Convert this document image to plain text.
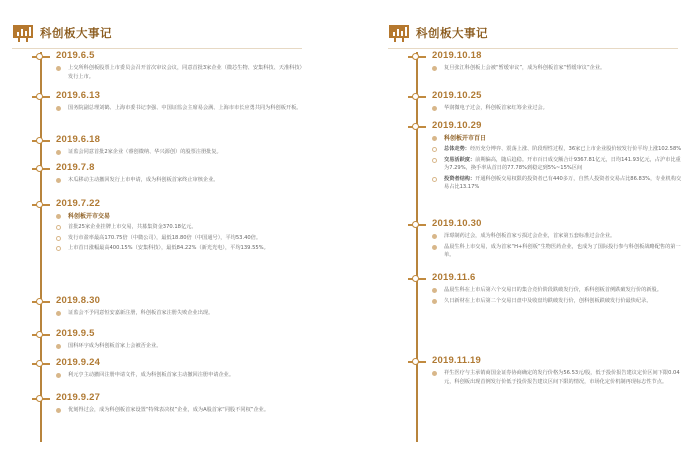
科创板大事记
2019.6.5
上交所科创板股票上市委员会召开首次审议会议，同意首批3家企业（微芯生物、安集科技、天准科技）发行上市。
2019.6.13
国务院副总理刘鹤、上海市委书记李强、中国证监会主席易会满、上海市市长应勇共同为科创板开板。
2019.6.18
证监会同意首批2家企业（睿创微纳、华兴源创）的股票注册批复。
2019.7.8
木瓜移动主动撤回发行上市申请，成为科创板首家终止审核企业。
2019.7.22
科创板开市交易
首批25家企业挂牌上市交易，共募集资金370.18亿元。
发行市盈率最高170.75倍（中微公司），最低18.80倍（中国通号），平均53.40倍。
上市首日涨幅最高400.15%（安集科技），最低84.22%（新光光电），平均139.55%。
2019.8.30
证监会不予同意恒安嘉新注册，科创板首家注册失败企业出现。
2019.9.5
国科环宇成为科创板首家上会被否企业。
2019.9.24
利元亨主动撤回注册申请文件，成为科创板首家主动撤回注册申请企业。
2019.9.27
优刻得过会，成为科创板首家设置“特殊表决权”企业，成为A股首家“同股不同权”企业。
科创板大事记
2019.10.18
复旦张江科创板上会被“暂缓审议”，成为科创板首家“暂缓审议”企业。
2019.10.25
华润微电子过会，科创板首家红筹企业过会。
2019.10.29
科创板开市百日
总体走势：经历充分博弈、震荡上涨、阶段理性过程，36家已上市企业股价较发行价平均上涨102.58%
交易活跃度：前期偏高，随后趋稳。开市百日成交额合计9367.81亿元，日均141.93亿元，占沪市比重为7.29%，换手率从首日的77.78%到稳定到5%~15%区间
投资者结构：开通科创板交易权限的投资者已有440多万，自然人投资者交易占比86.83%，专业机构交易占比13.17%
2019.10.30
泽璟制药过会，成为科创板首家亏损过会企业，首家第五套标准过会企业。
晶晨生科上市交易，成为首家“H+科创板”生物医药企业，也成为了国际投行参与科创板战略配售的第一单。
2019.11.6
晶晨生科在上市后第六个交易日的集合竞价阶段跌破发行价，系科创板首例跌破发行价的新股。
久日新材在上市后第二个交易日盘中及收盘均跌破发行价，创科创板跌破发行价最快纪录。
2019.11.19
祥生医疗与主承销商国金证券协商确定的发行价格为56.53元/股，低于投价报告建议定价区间下限0.04元，科创板出现首例发行价低于投价报告建议区间下限的情况，市场化定价机制再现标志性节点。
